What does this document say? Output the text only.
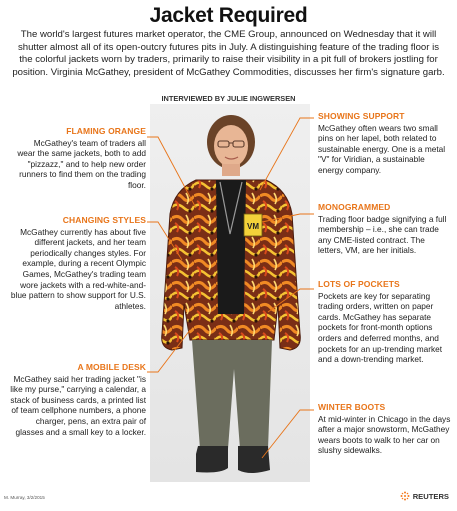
Jacket Required
The world's largest futures market operator, the CME Group, announced on Wednesday that it will shutter almost all of its open-outcry futures pits in July. A distinguishing feature of the trading floor is the colorful jackets worn by traders, primarily to raise their visibility in a pit full of brokers jostling for position. Virginia McGathey, president of McGathey Commodities, discusses her firm's signature garb.
INTERVIEWED BY JULIE INGWERSEN
VM
FLAMING ORANGE
McGathey's team of traders all wear the same jackets, both to add "pizzazz," and to help new order runners to find them on the trading floor.
CHANGING STYLES
McGathey currently has about five different jackets, and her team periodically changes styles. For example, during a recent Olympic Games, McGathey's trading team wore jackets with a red-white-and-blue pattern to show support for U.S. athletes.
A MOBILE DESK
McGathey said her trading jacket "is like my purse," carrying a calendar, a stack of business cards, a printed list of team cellphone numbers, a phone charger, pens, an extra pair of glasses and a small key to a locker.
SHOWING SUPPORT
McGathey often wears two small pins on her lapel, both related to sustainable energy. One is a metal "V" for Viridian, a sustainable energy company.
MONOGRAMMED
Trading floor badge signifying a full membership – i.e., she can trade any CME-listed contract. The letters, VM, are her initials.
LOTS OF POCKETS
Pockets are key for separating trading orders, written on paper cards. McGathey has separate pockets for front-month options orders and deferred months, and pockets for an up-trending market and a down-trending market.
WINTER BOOTS
At mid-winter in Chicago in the days after a major snowstorm, McGathey wears boots to walk to her car on slushy sidewalks.
M. Murray, 3/2/2015	REUTERS
